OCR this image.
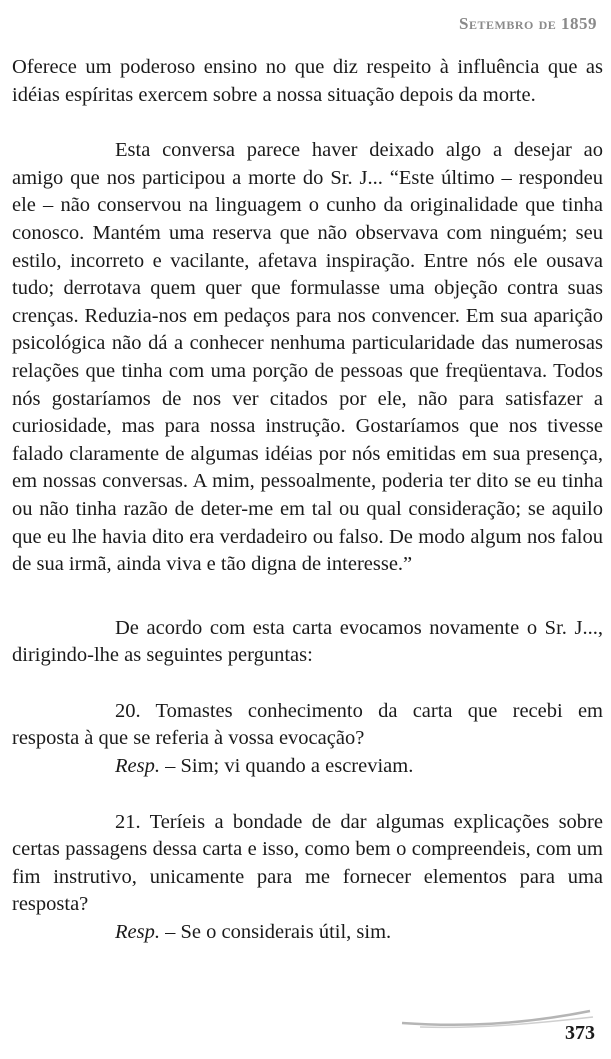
Setembro de 1859

Oferece um poderoso ensino no que diz respeito à influência que as idéias espíritas exercem sobre a nossa situação depois da morte.

Esta conversa parece haver deixado algo a desejar ao amigo que nos participou a morte do Sr. J... “Este último – respondeu ele – não conservou na linguagem o cunho da originalidade que tinha conosco. Mantém uma reserva que não observava com ninguém; seu estilo, incorreto e vacilante, afetava inspiração. Entre nós ele ousava tudo; derrotava quem quer que formulasse uma objeção contra suas crenças. Reduzia-nos em pedaços para nos convencer. Em sua aparição psicológica não dá a conhecer nenhuma particularidade das numerosas relações que tinha com uma porção de pessoas que freqüentava. Todos nós gostaríamos de nos ver citados por ele, não para satisfazer a curiosidade, mas para nossa instrução. Gostaríamos que nos tivesse falado claramente de algumas idéias por nós emitidas em sua presença, em nossas conversas. A mim, pessoalmente, poderia ter dito se eu tinha ou não tinha razão de deter-me em tal ou qual consideração; se aquilo que eu lhe havia dito era verdadeiro ou falso. De modo algum nos falou de sua irmã, ainda viva e tão digna de interesse.”

De acordo com esta carta evocamos novamente o Sr. J..., dirigindo-lhe as seguintes perguntas:

20. Tomastes conhecimento da carta que recebi em resposta à que se referia à vossa evocação?

Resp. – Sim; vi quando a escreviam.

21. Teríeis a bondade de dar algumas explicações sobre certas passagens dessa carta e isso, como bem o compreendeis, com um fim instrutivo, unicamente para me fornecer elementos para uma resposta?

Resp. – Se o considerais útil, sim.

373
